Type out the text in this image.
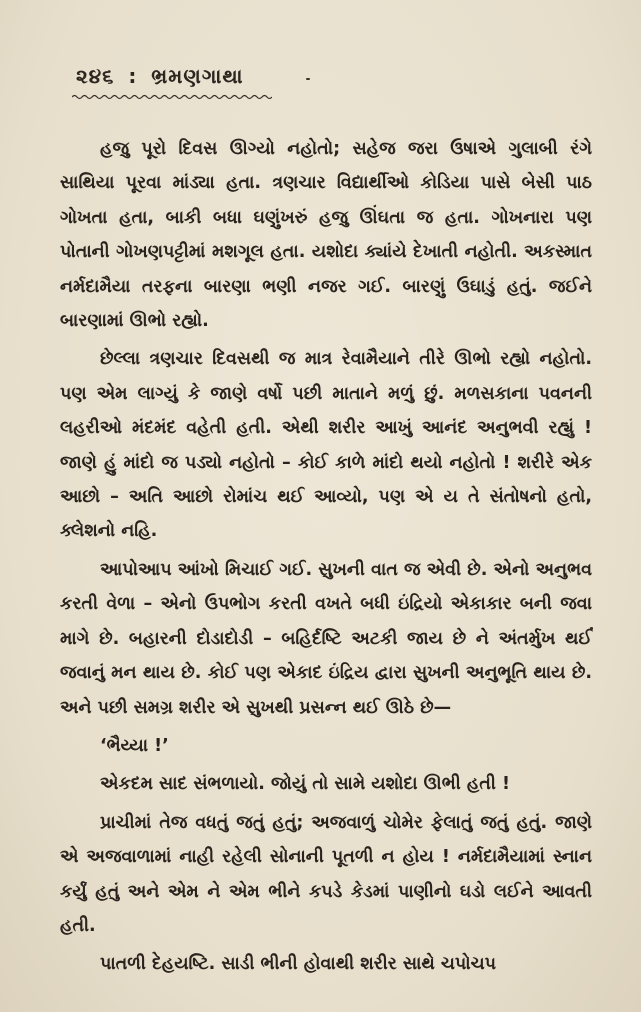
૨૪૬ : ભ્રમણગાથા

હજુ પૂરો દિવસ ઊગ્યો નહોતો; સહેજ જરા ઉષાએ ગુલાબી રંગે સાથિયા પૂરવા માંડ્યા હતા. ત્રણચાર વિદ્યાર્થીઓ કોડિયા પાસે બેસી પાઠ ગોખતા હતા, બાકી બધા ઘણુંખરું હજુ ઊંઘતા જ હતા. ગોખનારા પણ પોતાની ગોખણપટ્ટીમાં મશગૂલ હતા. યશોદા ક્યાંયે દેખાતી નહોતી. અકસ્માત નર્મદામૈયા તરફના બારણા ભણી નજર ગઈ. બારણું ઉઘાડું હતું. જઈને બારણામાં ઊભો રહ્યો.

છેલ્લા ત્રણચાર દિવસથી જ માત્ર રેવામૈયાને તીરે ઊભો રહ્યો નહોતો. પણ એમ લાગ્યું કે જાણે વર્ષો પછી માતાને મળું છું. મળસકાના પવનની લહરીઓ મંદમંદ વહેતી હતી. એથી શરીર આખું આનંદ અનુભવી રહ્યું ! જાણે હું માંદો જ પડ્યો નહોતો – કોઈ કાળે માંદો થયો નહોતો ! શરીરે એક આછો – અતિ આછો રોમાંચ થઈ આવ્યો, પણ એ ય તે સંતોષનો હતો, ક્લેશનો નહિ.

આપોઆપ આંખો મિચાઈ ગઈ. સુખની વાત જ એવી છે. એનો અનુભવ કરતી વેળા – એનો ઉપભોગ કરતી વખતે બધી ઇંદ્રિયો એકાકાર બની જવા માગે છે. બહારની દોડાદોડી – બહિર્દષ્ટિ અટકી જાય છે ને અંતર્મુખ થઈ જવાનું મન થાય છે. કોઈ પણ એકાદ ઇંદ્રિય દ્વારા સુખની અનુભૂતિ થાય છે. અને પછી સમગ્ર શરીર એ સુખથી પ્રસન્ન થઈ ઊઠે છે—

‘ભૈય્યા !’

એકદમ સાદ સંભળાયો. જોયું તો સામે યશોદા ઊભી હતી !

પ્રાચીમાં તેજ વધતું જતું હતું; અજવાળું ચોમેર ફેલાતું જતું હતું. જાણે એ અજવાળામાં નાહી રહેલી સોનાની પૂતળી ન હોય ! નર્મદામૈયામાં સ્નાન કર્યું હતું અને એમ ને એમ ભીને કપડે કેડમાં પાણીનો ઘડો લઈને આવતી હતી.

પાતળી દેહયષ્ટિ. સાડી ભીની હોવાથી શરીર સાથે ચપોચપ
